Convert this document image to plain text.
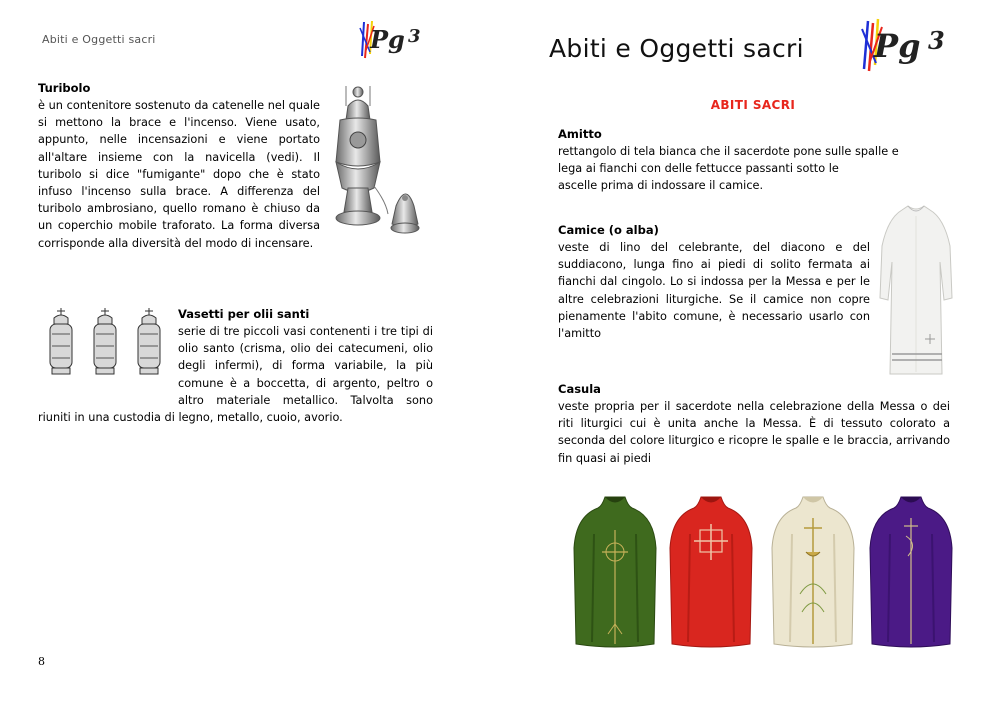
Abiti e Oggetti sacri	Pg 3
Turibolo
è un contenitore sostenuto da catenelle nel quale si mettono la brace e l'incenso. Viene usato, appunto, nelle incensazioni e viene portato all'altare insieme con la navicella (vedi). Il turibolo si dice "fumigante" dopo che è stato infuso l'incenso sulla brace. A differenza del turibolo ambrosiano, quello romano è chiuso da un coperchio mobile traforato. La forma diversa corrisponde alla diversità del modo di incensare.
Vasetti per olii santi
serie di tre piccoli vasi contenenti i tre tipi di olio santo (crisma, olio dei catecumeni, olio degli infermi), di forma variabile, la più comune è a boccetta, di argento, peltro o altro materiale metallico. Talvolta sono riuniti in una custodia di legno, metallo, cuoio, avorio.
8
Abiti e Oggetti sacri Pg 3
ABITI SACRI
Amitto
rettangolo di tela bianca che il sacerdote pone sulle spalle e
lega ai fianchi con delle fettucce passanti sotto le
ascelle prima di indossare il camice.
Camice (o alba)
veste di lino del celebrante, del diacono e del suddiacono, lunga fino ai piedi di solito fermata ai fianchi dal cingolo. Lo si indossa per la Messa e per le altre celebrazioni liturgiche. Se il camice non copre pienamente l'abito comune, è necessario usarlo con l'amitto
Casula
veste propria per il sacerdote nella celebrazione della Messa o dei riti liturgici cui è unita anche la Messa. È di tessuto colorato a seconda del colore liturgico e ricopre le spalle e le braccia, arrivando fin quasi ai piedi
